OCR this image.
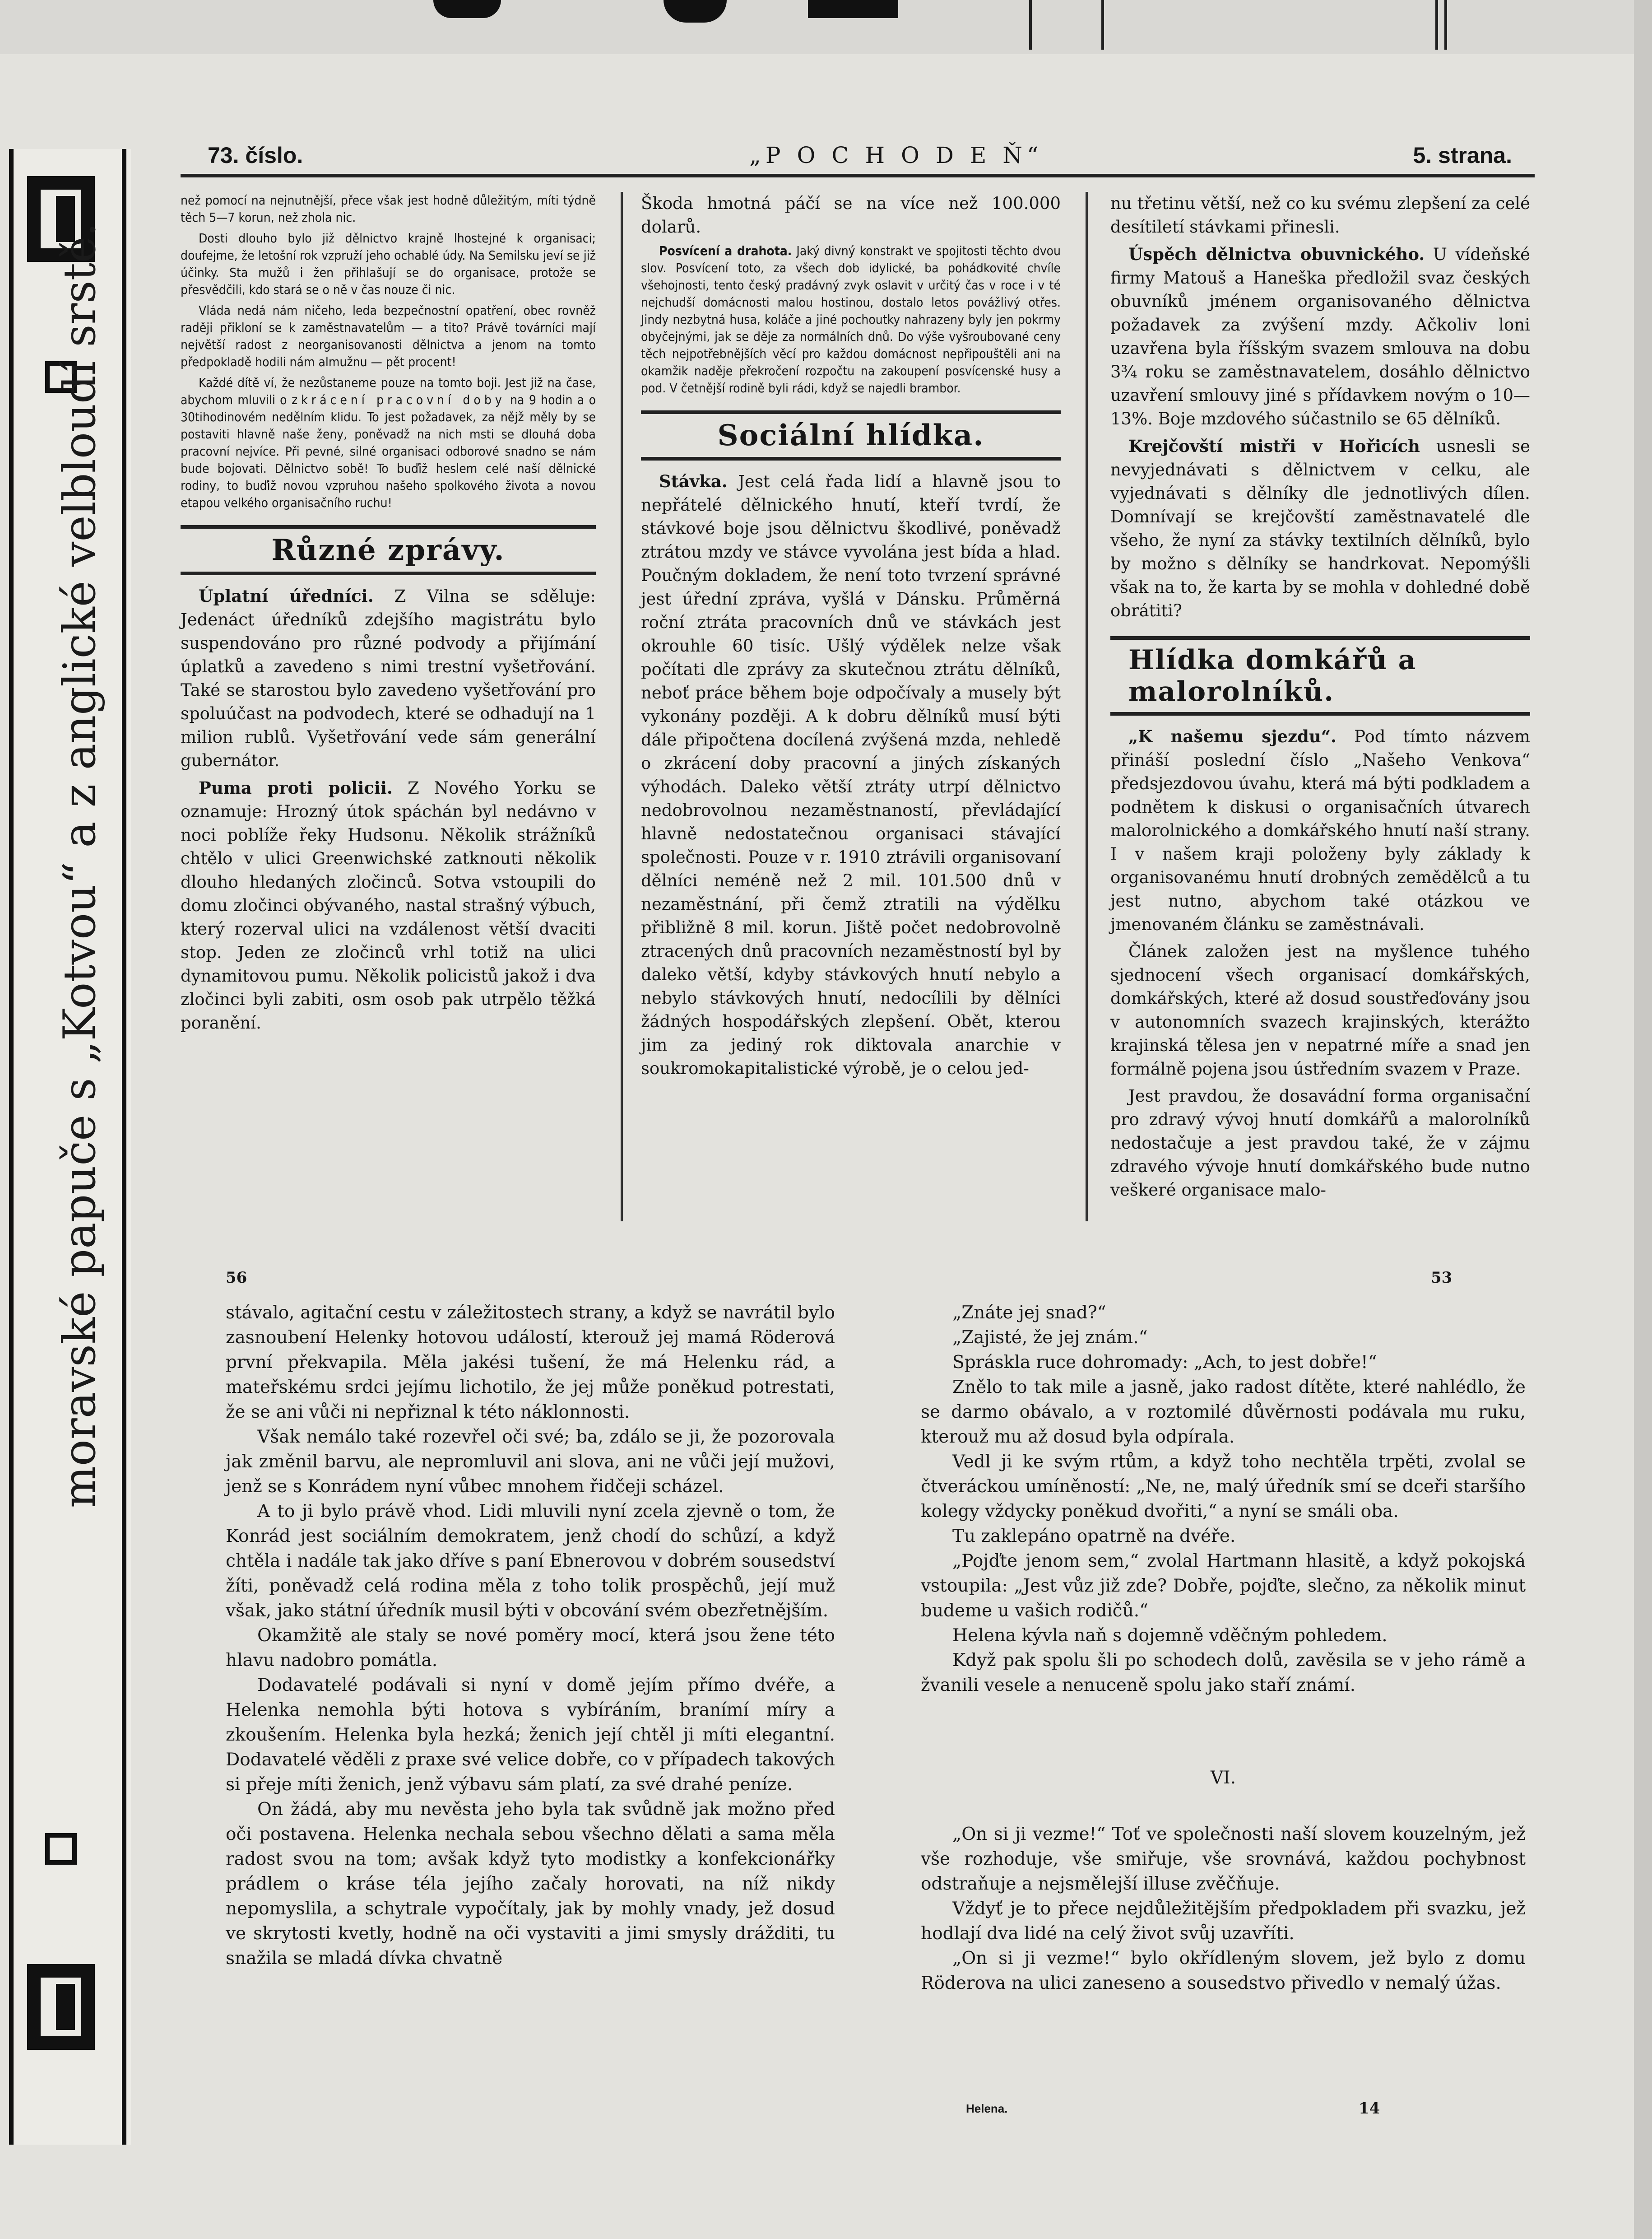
moravské papuče s „Kotvou“ a z anglické velbloudí srstě.
73. číslo.	„P O C H O D E Ň“	5. strana.

než pomocí na nejnutnější, přece však jest hodně důležitým, míti týdně těch 5—7 korun, než zhola nic.

Dosti dlouho bylo již dělnictvo krajně lhostejné k organisaci; doufejme, že letošní rok vzpruží jeho ochablé údy. Na Semilsku jeví se již účinky. Sta mužů i žen přihlašují se do organisace, protože se přesvědčili, kdo stará se o ně v čas nouze či nic.

Vláda nedá nám ničeho, leda bezpečnostní opatření, obec rovněž raději přikloní se k zaměstnavatelům — a tito? Právě továrníci mají největší radost z neorganisovanosti dělnictva a jenom na tomto předpokladě hodili nám almužnu — pět procent!

Každé dítě ví, že nezůstaneme pouze na tomto boji. Jest již na čase, abychom mluvili o zkrácení pracovní doby na 9 hodin a o 30tihodinovém nedělním klidu. To jest požadavek, za nějž měly by se postaviti hlavně naše ženy, poněvadž na nich msti se dlouhá doba pracovní nejvíce. Při pevné, silné organisaci odborové snadno se nám bude bojovati. Dělnictvo sobě! To buďiž heslem celé naší dělnické rodiny, to buďiž novou vzpruhou našeho spolkového života a novou etapou velkého organisačního ruchu!

Různé zprávy.

Úplatní úředníci. Z Vilna se sděluje: Jedenáct úředníků zdejšího magistrátu bylo suspendováno pro různé podvody a přijímání úplatků a zavedeno s nimi trestní vyšetřování. Také se starostou bylo zavedeno vyšetřování pro spoluúčast na podvodech, které se odhadují na 1 milion rublů. Vyšetřování vede sám generální gubernátor.

Puma proti policii. Z Nového Yorku se oznamuje: Hrozný útok spáchán byl nedávno v noci poblíže řeky Hudsonu. Několik strážníků chtělo v ulici Greenwichské zatknouti několik dlouho hledaných zločinců. Sotva vstoupili do domu zločinci obývaného, nastal strašný výbuch, který rozerval ulici na vzdálenost větší dvaciti stop. Jeden ze zločinců vrhl totiž na ulici dynamitovou pumu. Několik policistů jakož i dva zločinci byli zabiti, osm osob pak utrpělo těžká poranění.

Škoda hmotná páčí se na více než 100.000 dolarů.

Posvícení a drahota. Jaký divný konstrakt ve spojitosti těchto dvou slov. Posvícení toto, za všech dob idylické, ba pohádkovité chvíle všehojnosti, tento český pradávný zvyk oslavit v určitý čas v roce i v té nejchudší domácnosti malou hostinou, dostalo letos povážlivý otřes. Jindy nezbytná husa, koláče a jiné pochoutky nahrazeny byly jen pokrmy obyčejnými, jak se děje za normálních dnů. Do výše vyšroubované ceny těch nejpotřebnějších věcí pro každou domácnost nepřipouštěli ani na okamžik naděje překročení rozpočtu na zakoupení posvícenské husy a pod. V četnější rodině byli rádi, když se najedli brambor.

Sociální hlídka.

Stávka. Jest celá řada lidí a hlavně jsou to nepřátelé dělnického hnutí, kteří tvrdí, že stávkové boje jsou dělnictvu škodlivé, poněvadž ztrátou mzdy ve stávce vyvolána jest bída a hlad. Poučným dokladem, že není toto tvrzení správné jest úřední zpráva, vyšlá v Dánsku. Průměrná roční ztráta pracovních dnů ve stávkách jest okrouhle 60 tisíc. Ušlý výdělek nelze však počítati dle zprávy za skutečnou ztrátu dělníků, neboť práce během boje odpočívaly a musely být vykonány později. A k dobru dělníků musí býti dále připočtena docílená zvýšená mzda, nehledě o zkrácení doby pracovní a jiných získaných výhodách. Daleko větší ztráty utrpí dělnictvo nedobrovolnou nezaměstnaností, převládající hlavně nedostatečnou organisaci stávající společnosti. Pouze v r. 1910 ztrávili organisovaní dělníci neméně než 2 mil. 101.500 dnů v nezaměstnání, při čemž ztratili na výdělku přibližně 8 mil. korun. Jiště počet nedobrovolně ztracených dnů pracovních nezaměstností byl by daleko větší, kdyby stávkových hnutí nebylo a nebylo stávkových hnutí, nedocílili by dělníci žádných hospodářských zlepšení. Obět, kterou jim za jediný rok diktovala anarchie v soukromokapitalistické výrobě, je o celou jed-

nu třetinu větší, než co ku svému zlepšení za celé desítiletí stávkami přinesli.

Úspěch dělnictva obuvnického. U vídeňské firmy Matouš a Haneška předložil svaz českých obuvníků jménem organisovaného dělnictva požadavek za zvýšení mzdy. Ačkoliv loni uzavřena byla říšským svazem smlouva na dobu 3¾ roku se zaměstnavatelem, dosáhlo dělnictvo uzavření smlouvy jiné s přídavkem novým o 10—13%. Boje mzdového súčastnilo se 65 dělníků.

Krejčovští mistři v Hořicích usnesli se nevyjednávati s dělnictvem v celku, ale vyjednávati s dělníky dle jednotlivých dílen. Domnívají se krejčovští zaměstnavatelé dle všeho, že nyní za stávky textilních dělníků, bylo by možno s dělníky se handrkovat. Nepomýšli však na to, že karta by se mohla v dohledné době obrátiti?

Hlídka domkářů a malorolníků.

„K našemu sjezdu“. Pod tímto názvem přináší poslední číslo „Našeho Venkova“ předsjezdovou úvahu, která má býti podkladem a podnětem k diskusi o organisačních útvarech malorolnického a domkářského hnutí naší strany. I v našem kraji položeny byly základy k organisovanému hnutí drobných zemědělců a tu jest nutno, abychom také otázkou ve jmenovaném článku se zaměstnávali.

Článek založen jest na myšlence tuhého sjednocení všech organisací domkářských, domkářských, které až dosud soustřeďovány jsou v autonomních svazech krajinských, kterážto krajinská tělesa jen v nepatrné míře a snad jen formálně pojena jsou ústředním svazem v Praze.

Jest pravdou, že dosavádní forma organisační pro zdravý vývoj hnutí domkářů a malorolníků nedostačuje a jest pravdou také, že v zájmu zdravého vývoje hnutí domkářského bude nutno veškeré organisace malo-

56	53

stávalo, agitační cestu v záležitostech strany, a když se navrátil bylo zasnoubení Helenky hotovou událostí, kterouž jej mamá Röderová první překvapila. Měla jakési tušení, že má Helenku rád, a mateřskému srdci jejímu lichotilo, že jej může poněkud potrestati, že se ani vůči ni nepřiznal k této náklonnosti.

Však nemálo také rozevřel oči své; ba, zdálo se ji, že pozorovala jak změnil barvu, ale nepromluvil ani slova, ani ne vůči její mužovi, jenž se s Konrádem nyní vůbec mnohem řidčeji scházel.

A to ji bylo právě vhod. Lidi mluvili nyní zcela zjevně o tom, že Konrád jest sociálním demokratem, jenž chodí do schůzí, a když chtěla i nadále tak jako dříve s paní Ebnerovou v dobrém sousedství žíti, poněvadž celá rodina měla z toho tolik prospěchů, její muž však, jako státní úředník musil býti v obcování svém obezřetnějším.

Okamžitě ale staly se nové poměry mocí, která jsou žene této hlavu nadobro pomátla.

Dodavatelé podávali si nyní v domě jejím přímo dvéře, a Helenka nemohla býti hotova s vybíráním, branímí míry a zkoušením. Helenka byla hezká; ženich její chtěl ji míti elegantní. Dodavatelé věděli z praxe své velice dobře, co v případech takových si přeje míti ženich, jenž výbavu sám platí, za své drahé peníze.

On žádá, aby mu nevěsta jeho byla tak svůdně jak možno před oči postavena. Helenka nechala sebou všechno dělati a sama měla radost svou na tom; avšak když tyto modistky a konfekcionářky prádlem o kráse téla jejího začaly horovati, na níž nikdy nepomyslila, a schytrale vypočítaly, jak by mohly vnady, jež dosud ve skrytosti kvetly, hodně na oči vystaviti a jimi smysly drážditi, tu snažila se mladá dívka chvatně

„Znáte jej snad?“

„Zajisté, že jej znám.“

Spráskla ruce dohromady: „Ach, to jest dobře!“

Znělo to tak mile a jasně, jako radost dítěte, které nahlédlo, že se darmo obávalo, a v roztomilé důvěrnosti podávala mu ruku, kterouž mu až dosud byla odpírala.

Vedl ji ke svým rtům, a když toho nechtěla trpěti, zvolal se čtveráckou umíněností: „Ne, ne, malý úředník smí se dceři staršího kolegy vždycky poněkud dvořiti,“ a nyní se smáli oba.

Tu zaklepáno opatrně na dvéře.

„Pojďte jenom sem,“ zvolal Hartmann hlasitě, a když pokojská vstoupila: „Jest vůz již zde? Dobře, pojďte, slečno, za několik minut budeme u vašich rodičů.“

Helena kývla naň s dojemně vděčným pohledem.

Když pak spolu šli po schodech dolů, zavěsila se v jeho rámě a žvanili vesele a nenuceně spolu jako staří známí.

VI.

„On si ji vezme!“ Toť ve společnosti naší slovem kouzelným, jež vše rozhoduje, vše smiřuje, vše srovnává, každou pochybnost odstraňuje a nejsmělejší illuse zvěčňuje.

Vždyť je to přece nejdůležitějším předpokladem při svazku, jež hodlají dva lidé na celý život svůj uzavříti.

„On si ji vezme!“ bylo okřídleným slovem, jež bylo z domu Röderova na ulici zaneseno a sousedstvo přivedlo v nemalý úžas.

Helena.	14
